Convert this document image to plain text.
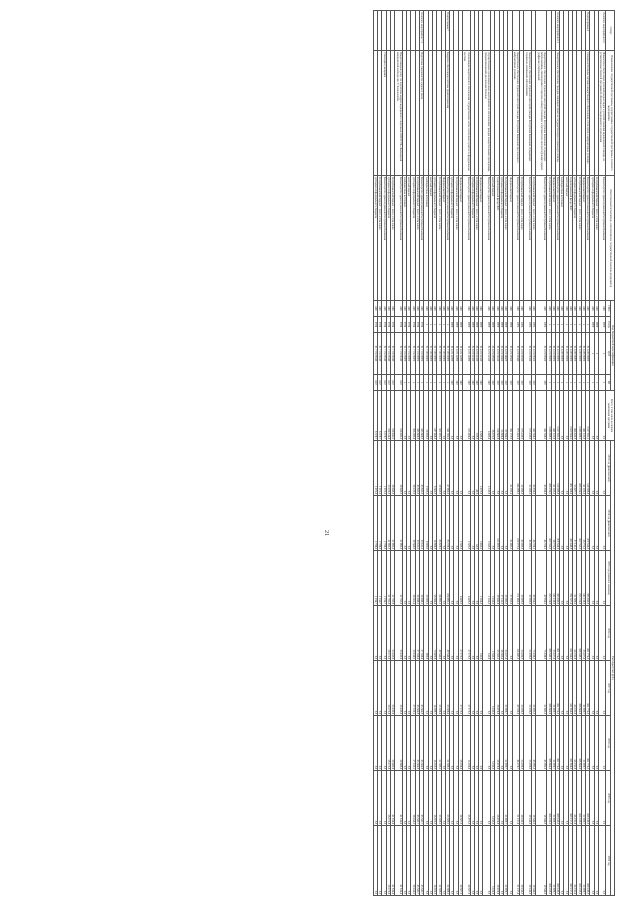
21
Статус	Наименование государственной программы, подпрограммы государственной программы, основного мероприятия	Ответственный исполнитель, соисполнители, государственный заказчик-координатор	Код бюджетной классификации				Всего, в том числе на период реализации программ	Расходы (тыс.руб.)							
			ГРБС	Рз Пр	ЦСР	ВР		2013 год (фактический)	2014 год (фактический)	2015 год (плановое значение)	2016 год	2017 год	2018 год	2019 год	2020 год
Основное мероприятие 6.2	Финансовое обеспечение дополнительных видов и условий оказания медицинской помощи, не установленных базовой программой обязательного медицинского страхования	Министерство здравоохранения Республики Калмыкия	648	0909	х	х	0,0	0,0	0,0	0,0	0,0	0,0	0,0	0,0	0,0
		Республиканский бюджет - всего, в том числе:	648	0909	х	х	0,0	0,0	0,0	0,0	0,0	0,0	0,0	0,0	0,0
		субсидии из федерального бюджета	648	0909	х	х	0,0	0,0	0,0	0,0	0,0	0,0	0,0	0,0	0,0
Подпрограмма 6	Совершенствование системы лекарственного обеспечения, в том числе в амбулаторных условиях	Министерство здравоохранения Республики Калмыкия	648	х	01 6 00 00000	х	3 527 922,1	519 399,8	479 538,5	395 945,9	431 776,5	431 776,5	431 776,5	459 140,0	459 140,0
		Федеральный бюджет	648	х	01 6 00 00000	х	441 122,9	61 203,5	58 773,5	142 219,0	33 227,4	32 909,7	32 909,7	32 909,7	32 909,7
		Республиканский бюджет - всего, в том числе:	648	х	01 6 00 00000	х	3 086 899,2	458 196,3	420 765,0	253 726,9	398 549,1	398 866,8	398 866,8	426 230,3	426 230,3
		субсидии из федерального бюджета	648	х	01 6 00 00000	х	466 633,0	55 607,7	57 116,1	61 399,3	66 012,8	66 012,8	66 012,8	66 012,8	66 012,8
		территориальный фонд ОМС	648	х	01 6 00 00000	х	2 620 266,2	402 588,6	363 648,9	192 327,6	332 536,3	332 854,0	332 854,0	360 217,5	360 217,5
		местный бюджет	648	х	01 6 00 00000	х	0,0	0,0	0,0	0,0	0,0	0,0	0,0	0,0	0,0
		внебюджетные источники	648	х	01 6 00 00000	х	0,0	0,0	0,0	0,0	0,0	0,0	0,0	0,0	0,0
Основное мероприятие 6.1	Лекарственное обеспечение граждан, имеющих право на государственную социальную помощь	Министерство здравоохранения Республики Калмыкия	648	х	01 6 01 00000	х	3 527 922,1	519 399,8	479 538,5	395 945,9	431 776,5	431 776,5	431 776,5	459 140,0	459 140,0
		Федеральный бюджет	648	х	01 6 01 00000	х	441 122,9	61 203,5	58 773,5	142 219,0	33 227,4	32 909,7	32 909,7	32 909,7	32 909,7
		Республиканский бюджет - всего, в том числе:	648	х	01 6 01 00000	х	3 086 899,2	458 196,3	420 765,0	253 726,9	398 549,1	398 866,8	398 866,8	426 230,3	426 230,3
	Лекарственное обеспечение отдельных категорий граждан Республики Калмыкия, страдающих заболеваниями, включенными в перечень жизнеугрожающих и хронических прогрессирующих редких (орфанных) заболеваний	Министерство здравоохранения Республики Калмыкия	648	1003	01 6 01 00320	300	342 358,3	45 934,5	46 704,1	40 054,2	75 188,5	52 692,5	43 092,5	19 346,0	19 346,0
		Республиканский бюджет - всего, в том числе:	648	1003	01 6 01 00320	320	342 358,3	45 934,5	46 704,1	40 054,2	75 188,5	52 692,5	43 092,5	19 346,0	19 346,0
	Лекарственное обеспечение отдельных категорий граждан Республики Калмыкия, страдающих социально-значимыми заболеваниями	Министерство здравоохранения Республики Калмыкия	648	1003	01 6 01 00330	320	275 230,0	32 280,5	45 000,0	30 000,0	23 190,0	23 190,0	23 190,0	39 145,5	39 145,5
		Республиканский бюджет - всего, в том числе:	648	1003	01 6 01 00330	320	275 230,0	32 280,5	45 000,0	30 000,0	23 190,0	23 190,0	23 190,0	39 145,5	39 145,5
	Лекарственное обеспечение отдельных категорий граждан Республики Калмыкия при лечении в амбулаторных условиях	Министерство здравоохранения Республики Калмыкия	648	1003	01 6 01 00340	320	973 681,6	246 099,2	229 070,6	171 485,3	116 600,5	69 769,8	48 278,7	51 217,4	51 217,4
		Федеральный бюджет	648	0909	01 6 01 50550	320	351 270,0	61 203,5	61 493,5	57 950,8	0,0	0,0	0,0	0,0	0,0
		Республиканский бюджет - всего, в том числе:	648	0909	01 6 01 54600	320	90 586,3	0,0	0,0	20 080,0	33 227,4	32 909,7	32 909,7	32 909,7	32 909,7
		субсидии из федерального бюджета	648	0909	01 6 01 53820	320	55 808,4	0,0	0,0	17 212,3	38 595,4	0,0	0,0	0,0	0,0
		территориальный фонд ОМС	648	0909	01 6 01 51610	320	124 860,8	0,0	123 900,0	29 445,8	25 353,2	28 478,8	28 478,8	28 478,8	28 478,8
		местный бюджет	648	0909	01 6 01 00530	320	28 101,0	0,0	0,0	3 235,5	2 335,5	3 235,5	3 235,5	3 235,5	3 235,5
	Осуществление организационных мероприятий по обеспечению граждан лекарственными препаратами, предназначенными для лечения больных	Министерство здравоохранения Республики Калмыкия	648	0909	01 6 01 51330	240	6 690,4	2 515,9	3 350,2	1 166,5	513,8	0,0	0,0	0,0	0,0
		Федеральный бюджет	648	0909	01 6 01 51330	240	6 590,4	2 470,9	3 455,2	1 166,5	513,8	0,0	0,0	0,0	0,0
		Республиканский бюджет - всего, в том числе:	648	0909	01 6 01 51330	240	100,0	45,0	65,0	0,0	0,0	0,0	0,0	0,0	0,0
		субсидии из федерального бюджета	648	0909	01 6 01 51330	240	0,0	0,0	0,0	0,0	0,0	0,0	0,0	0,0	0,0
	Организация лекарственного обеспечения государственных аптек и аптечных пунктов по федеральным льготам	Министерство здравоохранения Республики Калмыкия	648	0909	01 6 01 11090	240	105 968,4	0,0	2 300,0	4 600,0	27 170,0	27 170,0	13 028,4	35 970,0	34 507,0
		Федеральный бюджет	648	0909	01 6 01 11090	240	0,0	0,0	2 300,0	4 600,0	27 170,0	27 170,0	28 028,4	34 507,0	34 507,0
		Республиканский бюджет - всего, в том числе:	648	0909	01 6 01 11090	240	0,0	0,0	0,0	0,0	0,0	0,0	0,0	0,0	0,0
		субсидии из федерального бюджета	648	0909	01 6 01 11090	240	0,0	0,0	0,0	0,0	0,0	0,0	0,0	0,0	0,0
Подпрограмма 7	Кадровое обеспечение системы здравоохранения	Министерство здравоохранения Республики Калмыкия	648	х	01 7 00 00000	х	541 391,3	67 985,5	95 729,3	104 993,1	49 544,8	53 308,6	52 399,2	53 309,2	52 399,2
		Федеральный бюджет	648	х	01 7 00 00000	х	0,0	0,0	0,0	0,0	0,0	0,0	0,0	0,0	0,0
		Республиканский бюджет - всего, в том числе:	648	х	01 7 00 00000	х	502 491,3	59 650,0	86 829,3	84 993,1	49 544,8	53 308,6	52 399,2	53 309,2	52 399,2
		субсидии из федерального бюджета	648	х	01 7 00 00000	х	187 464,5	8 365,0	16 898,0	58 386,4	70 800,8	16 399,7	16 025,0	16 025,0	16 025,0
		местный бюджет	648	х	01 7 00 00000	х	0,0	0,0	0,0	0,0	0,0	0,0	0,0	0,0	0,0
		внебюджетные источники	648	х	01 7 00 00000	х	39 900,0	9 000,0	9 000,0	20 000,0	900,0	0,0	0,0	0,0	0,0
Основное мероприятие 7.1	Подготовка специалистов среднего звена	Министерство здравоохранения Республики Калмыкия	648	0704	01 7 01 00000	х	345 868,0	43 833,0	50 611,3	36 948,1	37 538,6	43 366,9	43 366,9	45 542,7	45 542,7
		Республиканский бюджет - всего, в том числе:	648	0704	01 7 01 00000	х	345 868,0	43 833,0	50 611,3	36 948,1	37 538,6	43 366,9	43 366,9	45 542,7	45 542,7
		субсидии из федерального бюджета	648	0704	01 7 01 00000	х	306 390,4	38 100,0	39 368,0	34 561,6	30 618,2	37 150,1	37 150,1	38 164,2	38 164,2
		местный бюджет	648	0704	01 7 01 00000	х	0,0	0,0	0,0	0,0	0,0	0,0	0,0	0,0	0,0
		внебюджетные источники	648	0704	01 7 01 00000	х	0,0	0,0	0,0	0,0	0,0	0,0	0,0	0,0	0,0
	Предоставление услуг по подготовке кадров медицинского персонала в БПОУ РК «Калмыцкий медицинский колледж им. Т. Хахлыновой»	Министерство здравоохранения Республики Калмыкия	648	0704	01 7 01 00140	610	314 441,3	38 445,0	31 982,0	31 782,9	35 410,8	35 410,8	39 480,4	41 816,4	41 816,4
		Республиканский бюджет - всего, в том числе:	648	0704	01 7 01 00140	610	314 441,3	38 445,0	31 982,0	31 782,9	35 410,8	35 410,8	39 480,4	41 816,4	41 816,4
		субсидии из федерального бюджета	648	0704	01 7 01 00140	610	234 316,8	23 100,0	31 982,0	31 782,9	28 275,8	28 275,8	28 275,8	28 275,8	28 275,8
	Стипендии учащимся	Министерство здравоохранения Республики Калмыкия	648	0704	01 7 01 00140	610	8 378,7	1 473,5	2 798,5	1 016,7	0,0	0,0	0,0	0,0	0,0
		Республиканский бюджет - всего, в том числе:	648	0704	01 7 01 00140	610	8 378,7	1 473,5	2 798,5	1 016,7	0,0	0,0	0,0	0,0	0,0
		субсидии из федерального бюджета	648	0704	01 7 01 00140	610	8 378,7	1 473,5	2 798,5	1 016,7	0,0	0,0	0,0	0,0	0,0
